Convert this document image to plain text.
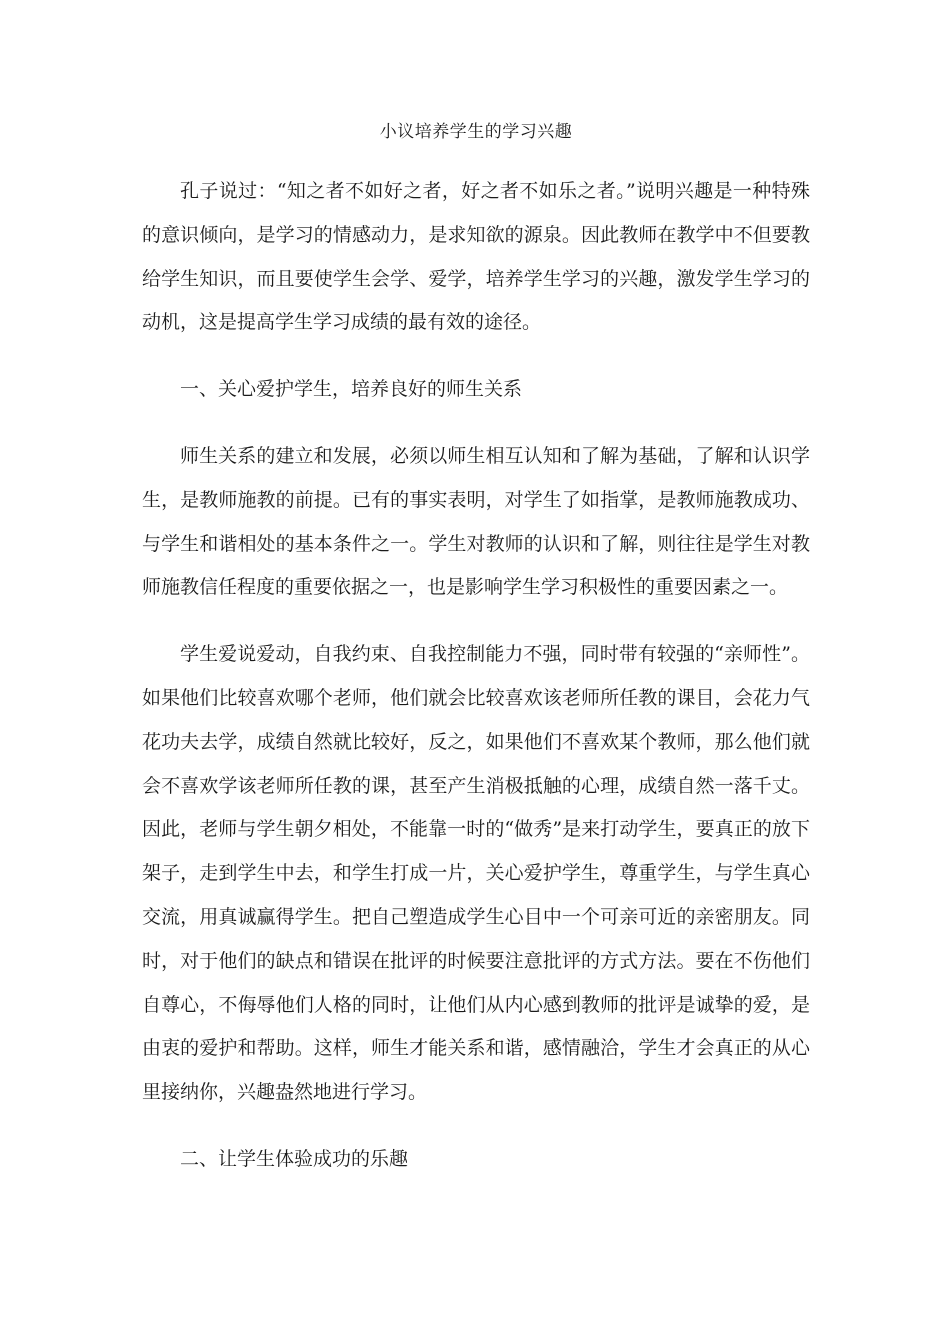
小议培养学生的学习兴趣

孔子说过：“知之者不如好之者，好之者不如乐之者。”说明兴趣是一种特殊的意识倾向，是学习的情感动力，是求知欲的源泉。因此教师在教学中不但要教给学生知识，而且要使学生会学、爱学，培养学生学习的兴趣，激发学生学习的动机，这是提高学生学习成绩的最有效的途径。

一、关心爱护学生，培养良好的师生关系

师生关系的建立和发展，必须以师生相互认知和了解为基础，了解和认识学生，是教师施教的前提。已有的事实表明，对学生了如指掌，是教师施教成功、与学生和谐相处的基本条件之一。学生对教师的认识和了解，则往往是学生对教师施教信任程度的重要依据之一，也是影响学生学习积极性的重要因素之一。

学生爱说爱动，自我约束、自我控制能力不强，同时带有较强的“亲师性”。如果他们比较喜欢哪个老师，他们就会比较喜欢该老师所任教的课目，会花力气花功夫去学，成绩自然就比较好，反之，如果他们不喜欢某个教师，那么他们就会不喜欢学该老师所任教的课，甚至产生消极抵触的心理，成绩自然一落千丈。因此，老师与学生朝夕相处，不能靠一时的“做秀”是来打动学生，要真正的放下架子，走到学生中去，和学生打成一片，关心爱护学生，尊重学生，与学生真心交流，用真诚赢得学生。把自己塑造成学生心目中一个可亲可近的亲密朋友。同时，对于他们的缺点和错误在批评的时候要注意批评的方式方法。要在不伤他们自尊心，不侮辱他们人格的同时，让他们从内心感到教师的批评是诚挚的爱，是由衷的爱护和帮助。这样，师生才能关系和谐，感情融洽，学生才会真正的从心里接纳你，兴趣盎然地进行学习。

二、让学生体验成功的乐趣
